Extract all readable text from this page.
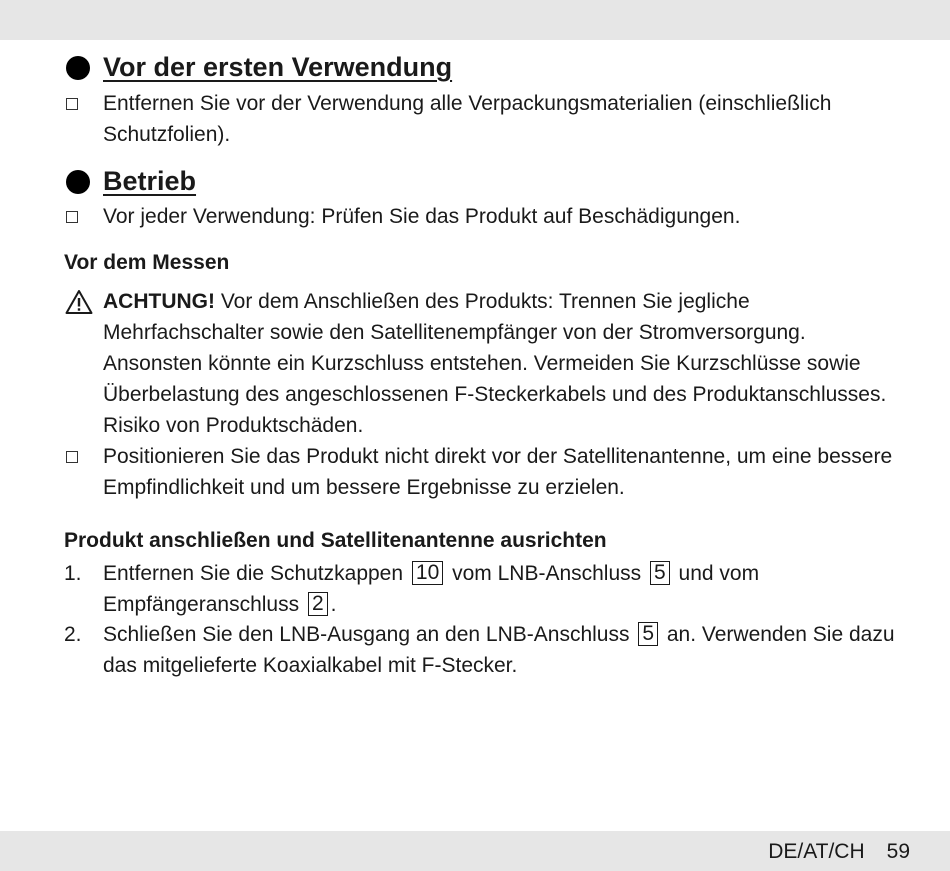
Vor der ersten Verwendung
Entfernen Sie vor der Verwendung alle Verpackungsmaterialien (einschließlich
Schutzfolien).
Betrieb
Vor jeder Verwendung: Prüfen Sie das Produkt auf Beschädigungen.
Vor dem Messen
ACHTUNG! Vor dem Anschließen des Produkts: Trennen Sie jegliche
Mehrfachschalter sowie den Satellitenempfänger von der Stromversorgung.
Ansonsten könnte ein Kurzschluss entstehen. Vermeiden Sie Kurzschlüsse sowie
Überbelastung des angeschlossenen F-Steckerkabels und des Produktanschlusses.
Risiko von Produktschäden.
Positionieren Sie das Produkt nicht direkt vor der Satellitenantenne, um eine bessere
Empfindlichkeit und um bessere Ergebnisse zu erzielen.
Produkt anschließen und Satellitenantenne ausrichten
1. Entfernen Sie die Schutzkappen 10 vom LNB-Anschluss 5 und vom
Empfängeranschluss 2 .
2. Schließen Sie den LNB-Ausgang an den LNB-Anschluss 5 an. Verwenden Sie dazu
das mitgelieferte Koaxialkabel mit F-Stecker.
DE/AT/CH 59
